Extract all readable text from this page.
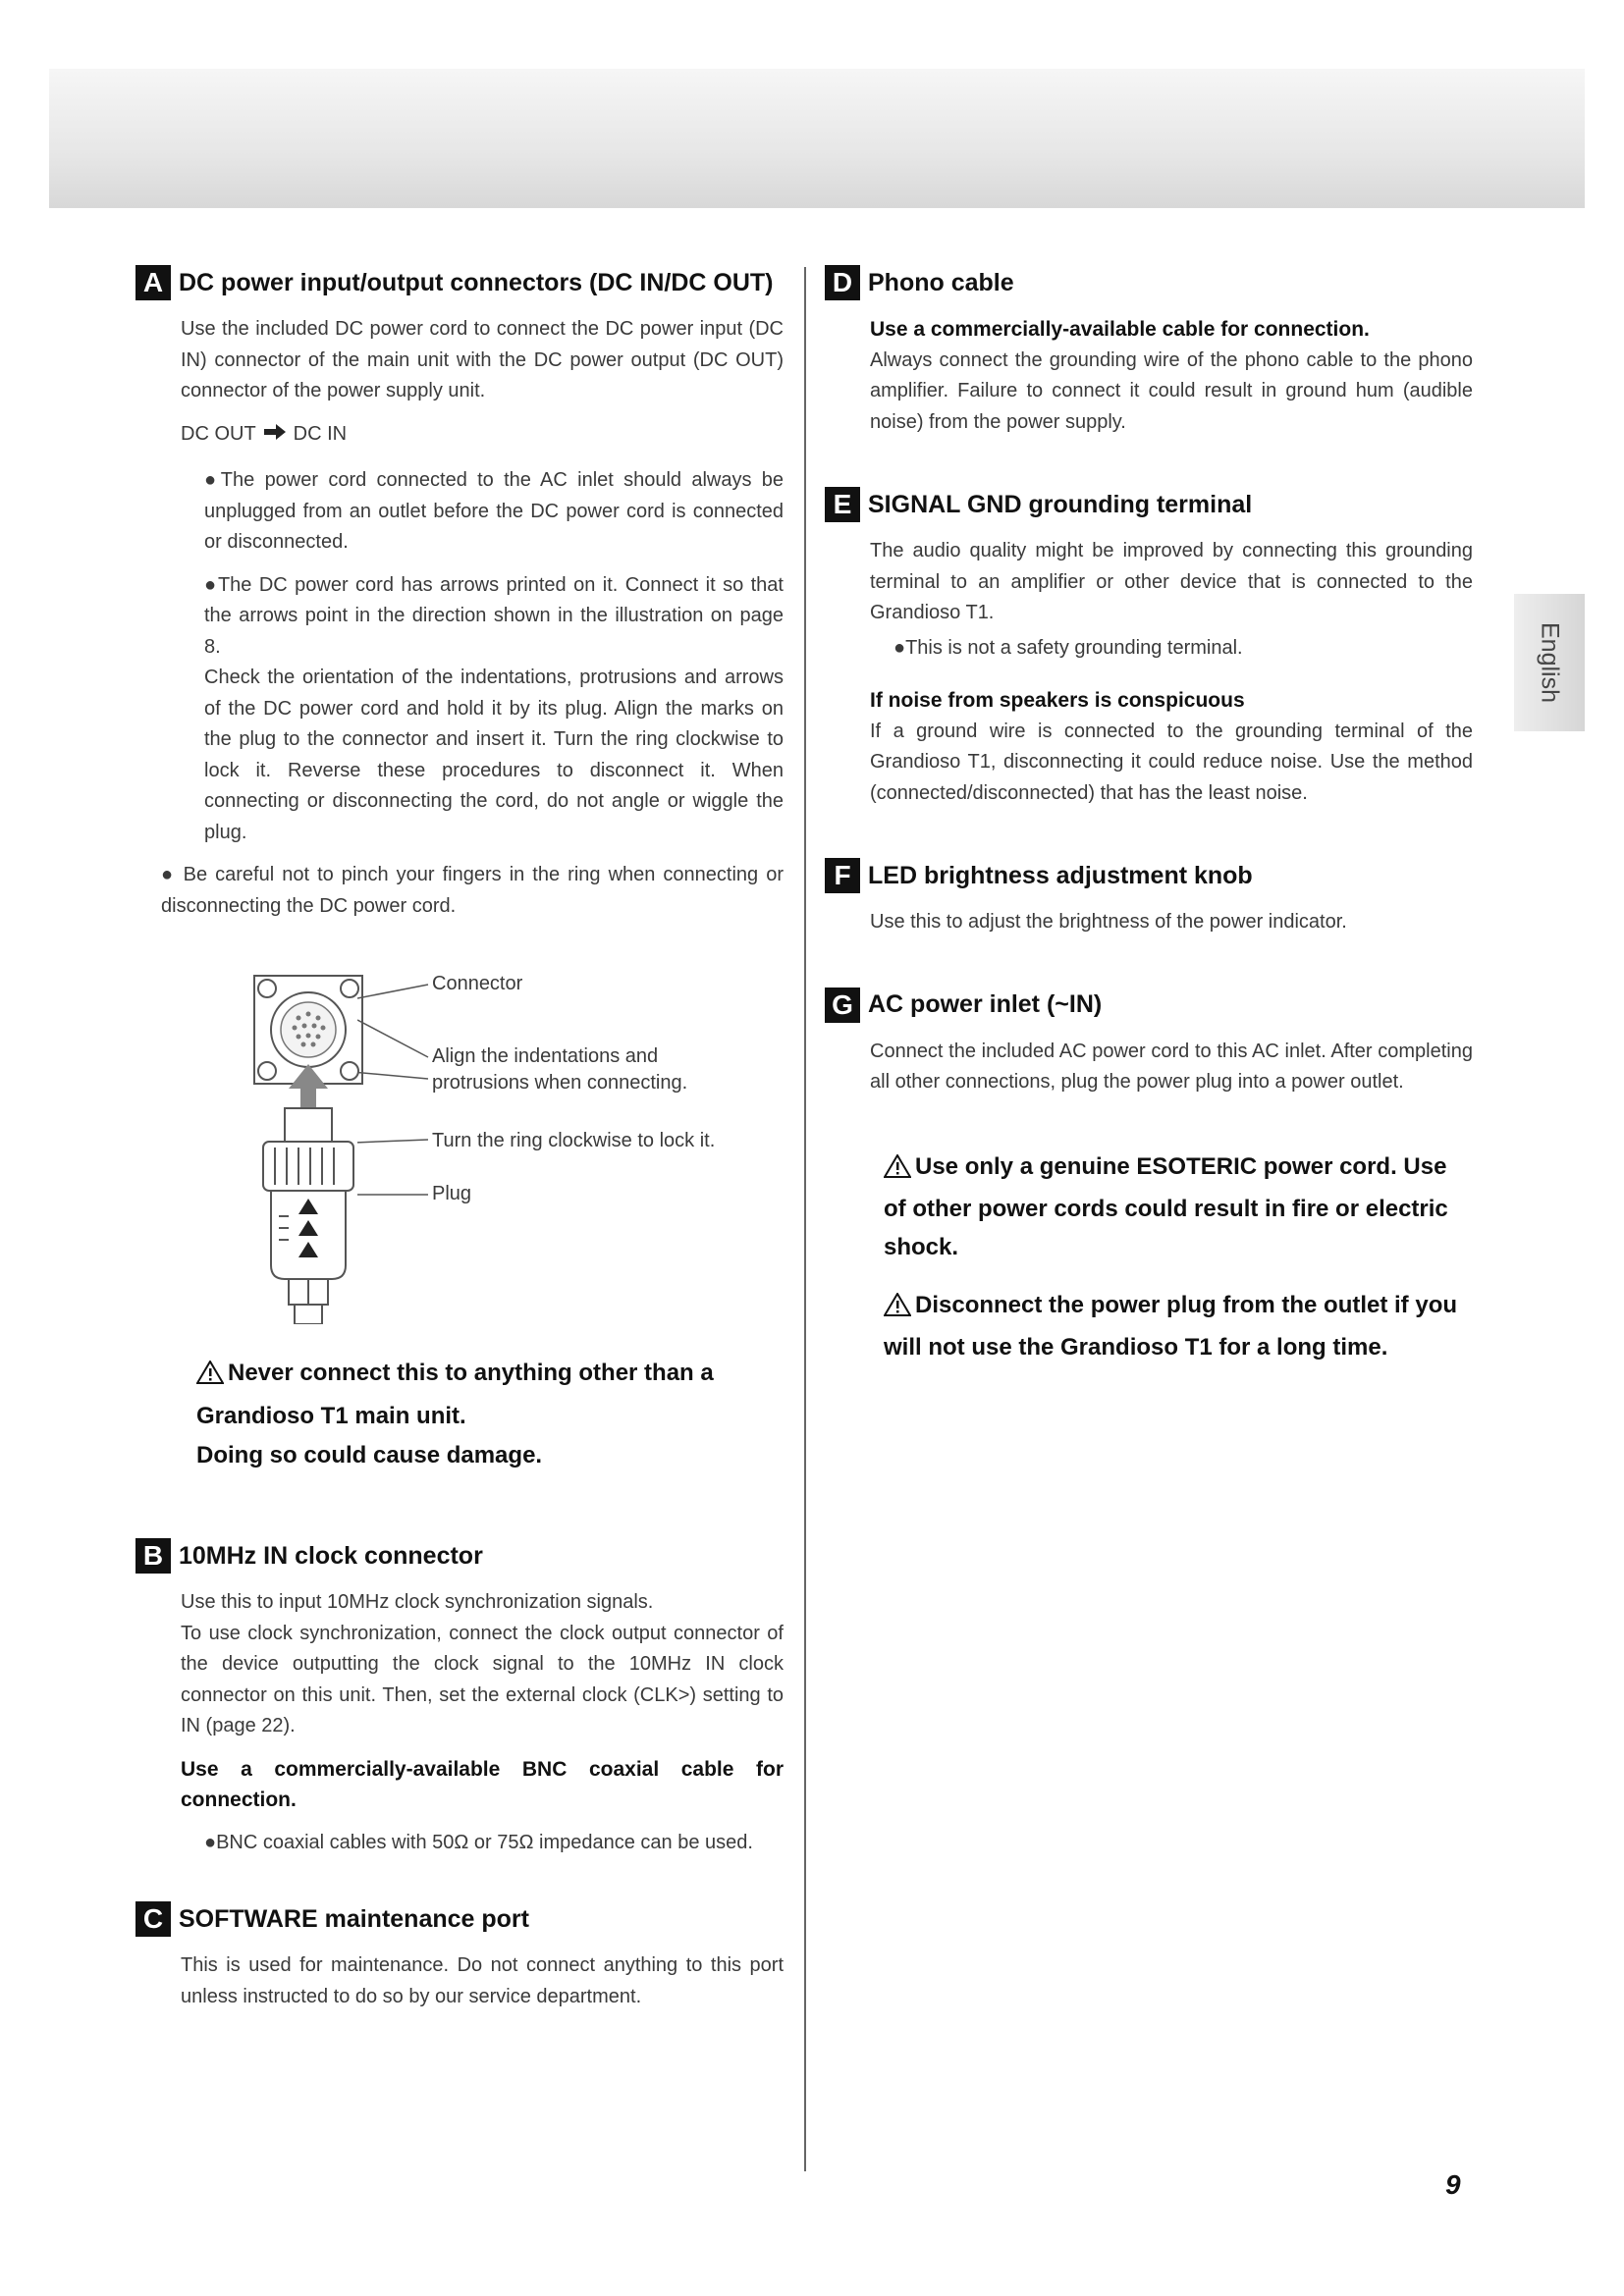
English
A DC power input/output connectors (DC IN/DC OUT)

Use the included DC power cord to connect the DC power input (DC IN) connector of the main unit with the DC power output (DC OUT) connector of the power supply unit.

DC OUT DC IN

●The power cord connected to the AC inlet should always be unplugged from an outlet before the DC power cord is connected or disconnected.

●The DC power cord has arrows printed on it. Connect it so that the arrows point in the direction shown in the illustration on page 8.

Check the orientation of the indentations, protrusions and arrows of the DC power cord and hold it by its plug. Align the marks on the plug to the connector and insert it. Turn the ring clockwise to lock it. Reverse these procedures to disconnect it. When connecting or disconnecting the cord, do not angle or wiggle the plug.

● Be careful not to pinch your fingers in the ring when connecting or disconnecting the DC power cord.

Connector
Align the indentations and protrusions when connecting.
Turn the ring clockwise to lock it.
Plug

Never connect this to anything other than a

Grandioso T1 main unit.

Doing so could cause damage.

B 10MHz IN clock connector

Use this to input 10MHz clock synchronization signals.

To use clock synchronization, connect the clock output connector of the device outputting the clock signal to the 10MHz IN clock connector on this unit. Then, set the external clock (CLK>) setting to IN (page 22).

Use a commercially-available BNC coaxial cable for connection.

●BNC coaxial cables with 50Ω or 75Ω impedance can be used.

C SOFTWARE maintenance port

This is used for maintenance. Do not connect anything to this port unless instructed to do so by our service department.

D Phono cable

Use a commercially-available cable for connection.

Always connect the grounding wire of the phono cable to the phono amplifier. Failure to connect it could result in ground hum (audible noise) from the power supply.

E SIGNAL GND grounding terminal

The audio quality might be improved by connecting this grounding terminal to an amplifier or other device that is connected to the Grandioso T1.

●This is not a safety grounding terminal.

If noise from speakers is conspicuous

If a ground wire is connected to the grounding terminal of the Grandioso T1, disconnecting it could reduce noise. Use the method (connected/disconnected) that has the least noise.

F LED brightness adjustment knob

Use this to adjust the brightness of the power indicator.

G AC power inlet (~IN)

Connect the included AC power cord to this AC inlet. After completing all other connections, plug the power plug into a power outlet.

Use only a genuine ESOTERIC power cord. Use of other power cords could result in fire or electric shock.

Disconnect the power plug from the outlet if you will not use the Grandioso T1 for a long time.

9
